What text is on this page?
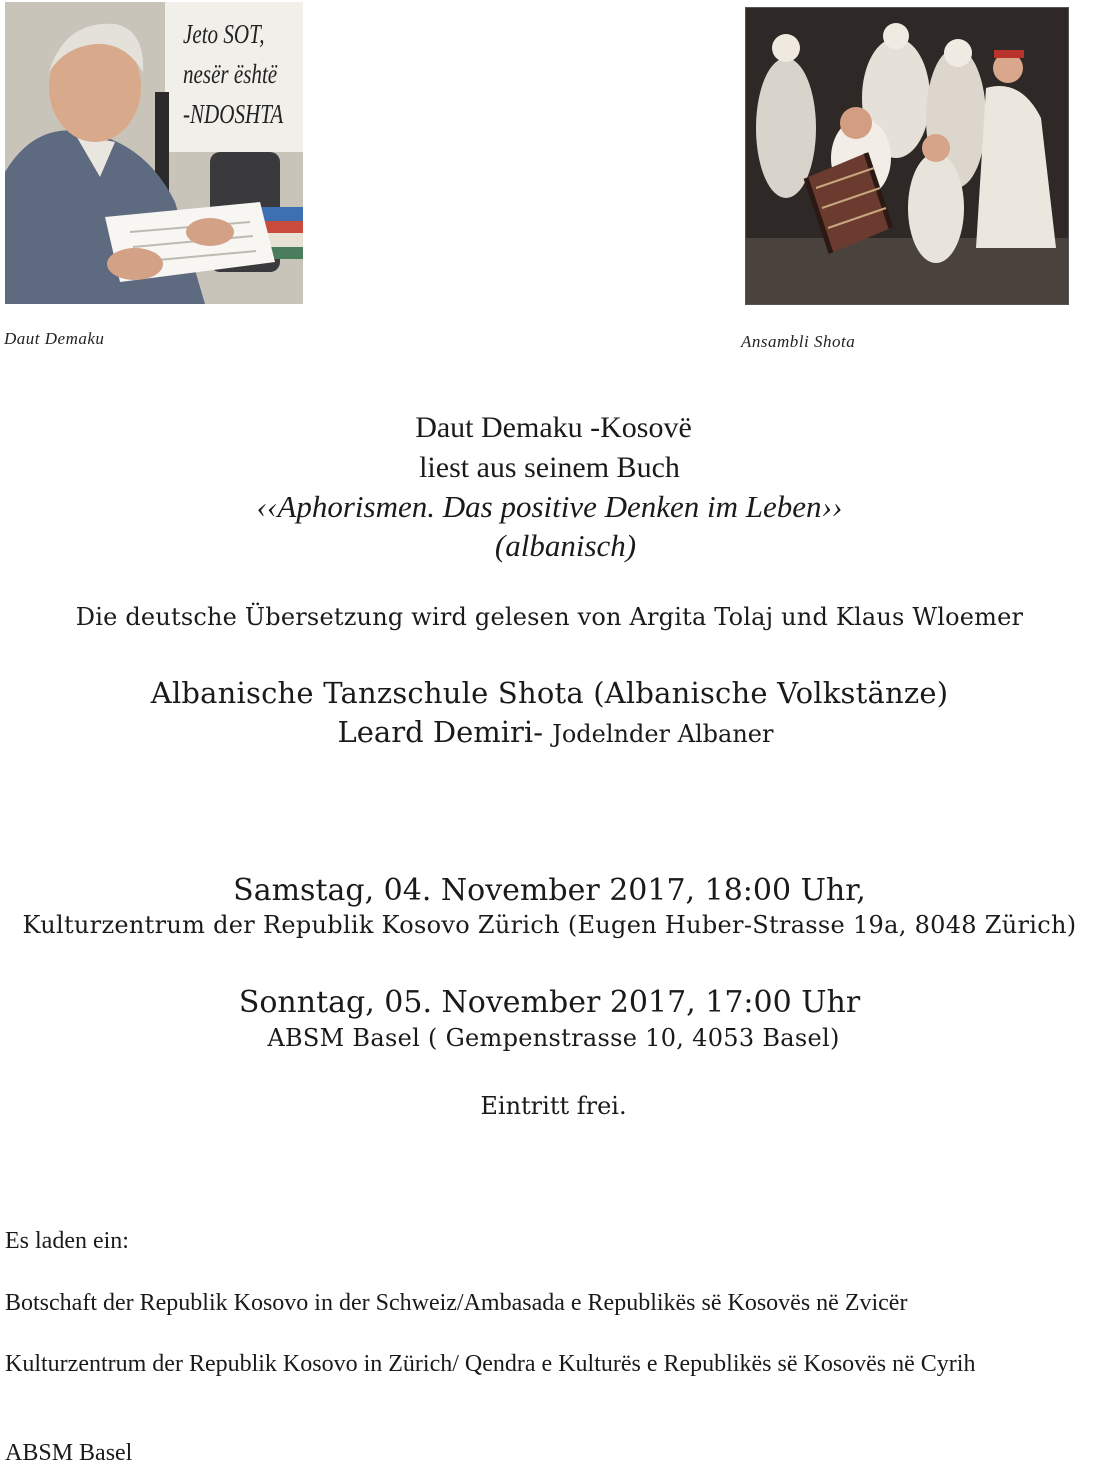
Jeto SOT,
nesër është
-NDOSHTA
Daut Demaku	Ansambli Shota
Daut Demaku -Kosovë
liest aus seinem Buch
‹‹Aphorismen. Das positive Denken im Leben››
(albanisch)
Die deutsche Übersetzung wird gelesen von Argita Tolaj und Klaus Wloemer
Albanische Tanzschule Shota (Albanische Volkstänze)
Leard Demiri- Jodelnder Albaner
Samstag, 04. November 2017, 18:00 Uhr,
Kulturzentrum der Republik Kosovo Zürich (Eugen Huber-Strasse 19a, 8048 Zürich)
Sonntag, 05. November 2017, 17:00 Uhr
ABSM Basel ( Gempenstrasse 10, 4053 Basel)
Eintritt frei.
Es laden ein:
Botschaft der Republik Kosovo in der Schweiz/Ambasada e Republikës së Kosovës në Zvicër
Kulturzentrum der Republik Kosovo in Zürich/ Qendra e Kulturës e Republikës së Kosovës në Cyrih
ABSM Basel
